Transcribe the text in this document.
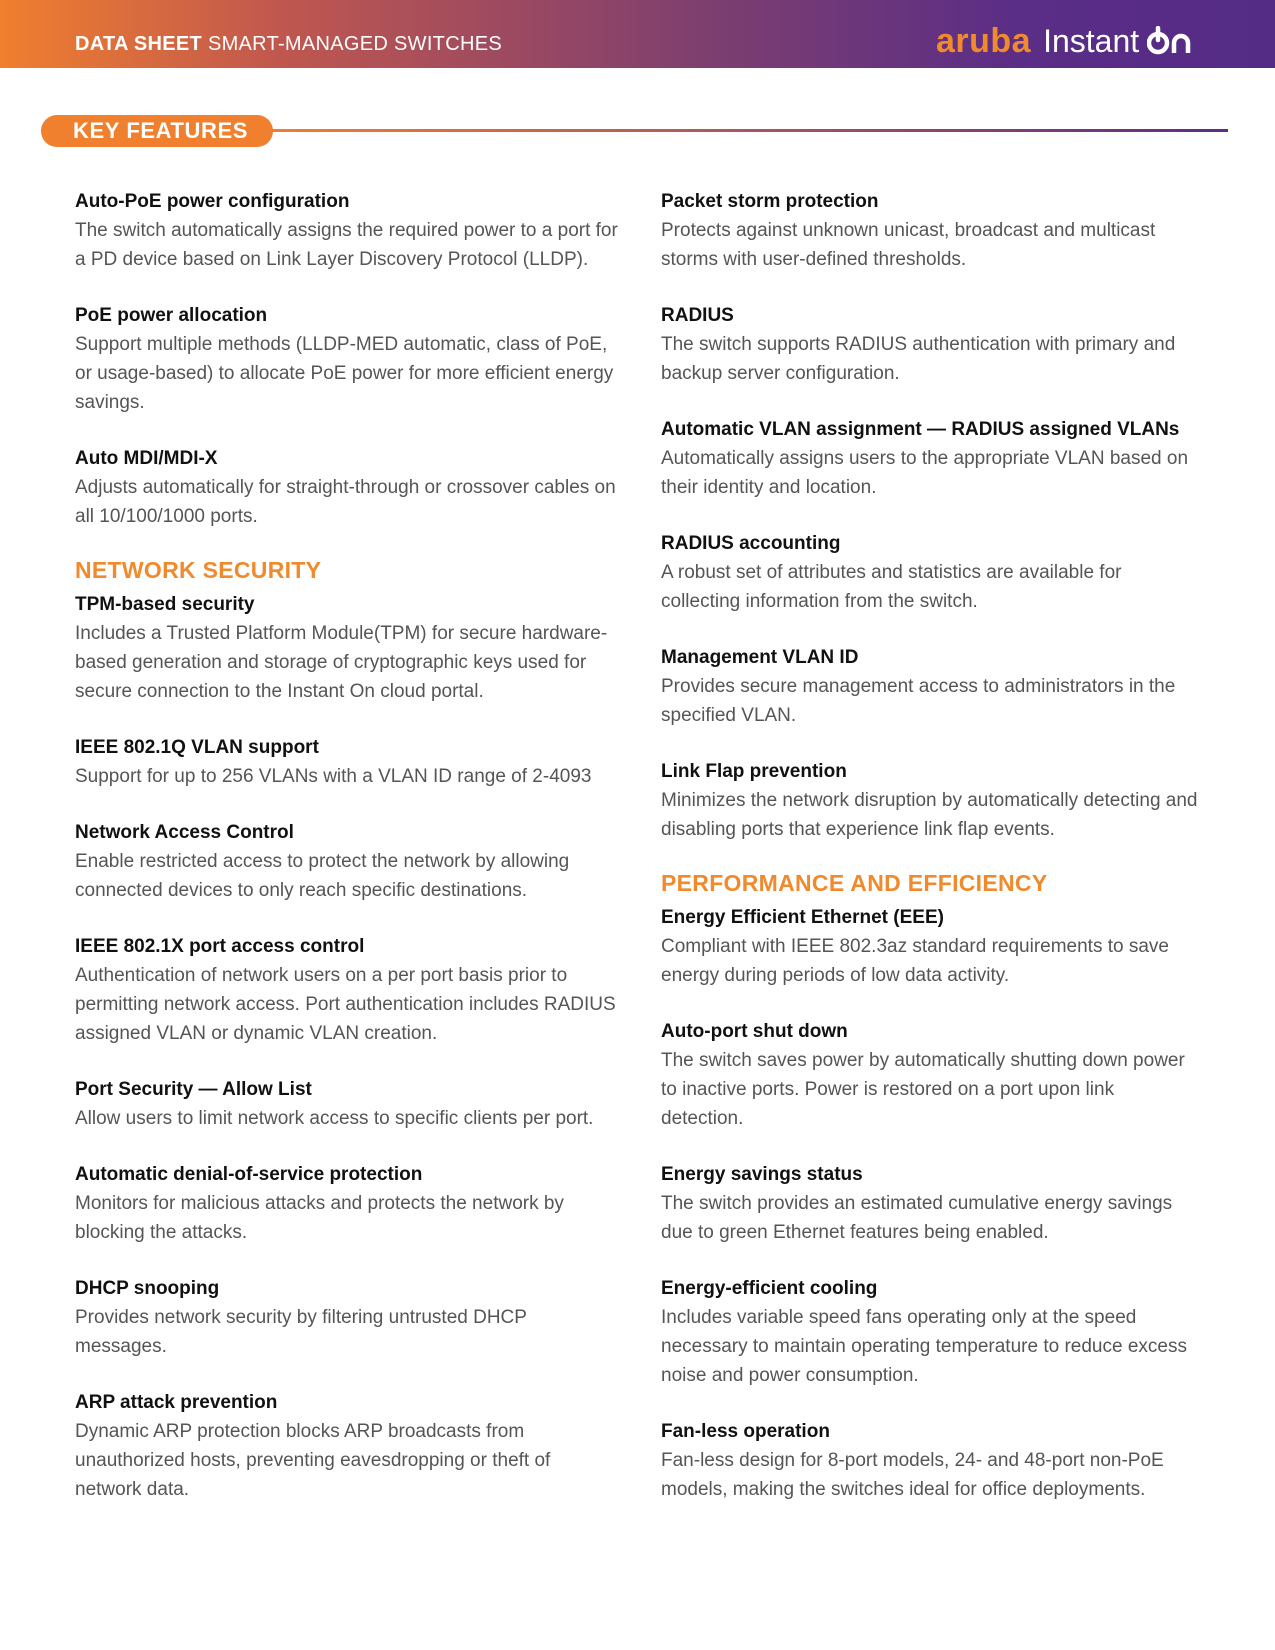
DATA SHEET SMART-MANAGED SWITCHES	aruba Instant
KEY FEATURES

Auto-PoE power configuration

The switch automatically assigns the required power to a port for a PD device based on Link Layer Discovery Protocol (LLDP).

PoE power allocation

Support multiple methods (LLDP-MED automatic, class of PoE, or usage-based) to allocate PoE power for more efficient energy savings.

Auto MDI/MDI-X

Adjusts automatically for straight-through or crossover cables on all 10/100/1000 ports.

NETWORK SECURITY

TPM-based security

Includes a Trusted Platform Module(TPM) for secure hardware-based generation and storage of cryptographic keys used for secure connection to the Instant On cloud portal.

IEEE 802.1Q VLAN support

Support for up to 256 VLANs with a VLAN ID range of 2-4093

Network Access Control

Enable restricted access to protect the network by allowing connected devices to only reach specific destinations.

IEEE 802.1X port access control

Authentication of network users on a per port basis prior to permitting network access. Port authentication includes RADIUS assigned VLAN or dynamic VLAN creation.

Port Security — Allow List

Allow users to limit network access to specific clients per port.

Automatic denial-of-service protection

Monitors for malicious attacks and protects the network by blocking the attacks.

DHCP snooping

Provides network security by filtering untrusted DHCP messages.

ARP attack prevention

Dynamic ARP protection blocks ARP broadcasts from unauthorized hosts, preventing eavesdropping or theft of network data.

Packet storm protection

Protects against unknown unicast, broadcast and multicast storms with user-defined thresholds.

RADIUS

The switch supports RADIUS authentication with primary and backup server configuration.

Automatic VLAN assignment — RADIUS assigned VLANs

Automatically assigns users to the appropriate VLAN based on their identity and location.

RADIUS accounting

A robust set of attributes and statistics are available for collecting information from the switch.

Management VLAN ID

Provides secure management access to administrators in the specified VLAN.

Link Flap prevention

Minimizes the network disruption by automatically detecting and disabling ports that experience link flap events.

PERFORMANCE AND EFFICIENCY

Energy Efficient Ethernet (EEE)

Compliant with IEEE 802.3az standard requirements to save energy during periods of low data activity.

Auto-port shut down

The switch saves power by automatically shutting down power to inactive ports. Power is restored on a port upon link detection.

Energy savings status

The switch provides an estimated cumulative energy savings due to green Ethernet features being enabled.

Energy-efficient cooling

Includes variable speed fans operating only at the speed necessary to maintain operating temperature to reduce excess noise and power consumption.

Fan-less operation

Fan-less design for 8-port models, 24- and 48-port non-PoE models, making the switches ideal for office deployments.
